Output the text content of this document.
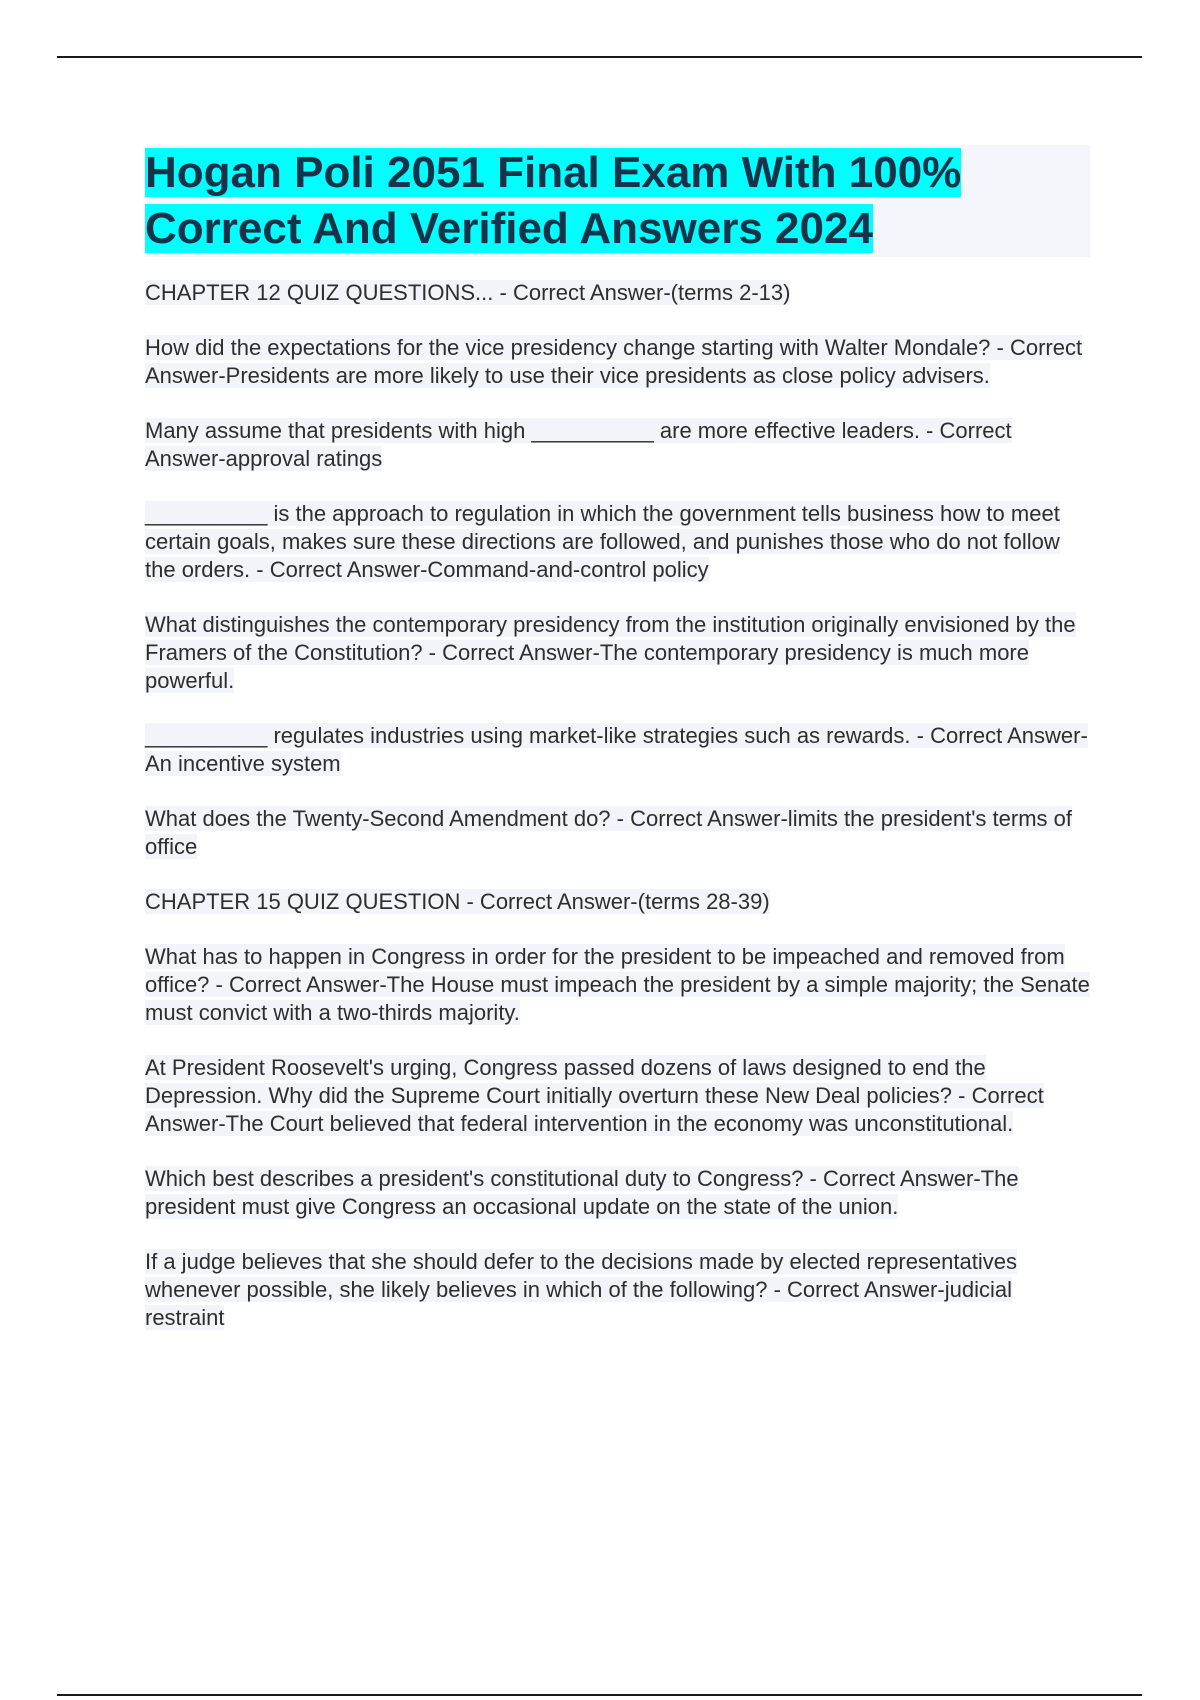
Hogan Poli 2051 Final Exam With 100% Correct And Verified Answers 2024
CHAPTER 12 QUIZ QUESTIONS... - Correct Answer-(terms 2-13)
How did the expectations for the vice presidency change starting with Walter Mondale? - Correct Answer-Presidents are more likely to use their vice presidents as close policy advisers.
Many assume that presidents with high __________ are more effective leaders. - Correct Answer-approval ratings
__________ is the approach to regulation in which the government tells business how to meet certain goals, makes sure these directions are followed, and punishes those who do not follow the orders. - Correct Answer-Command-and-control policy
What distinguishes the contemporary presidency from the institution originally envisioned by the Framers of the Constitution? - Correct Answer-The contemporary presidency is much more powerful.
__________ regulates industries using market-like strategies such as rewards. - Correct Answer-An incentive system
What does the Twenty-Second Amendment do? - Correct Answer-limits the president's terms of office
CHAPTER 15 QUIZ QUESTION - Correct Answer-(terms 28-39)
What has to happen in Congress in order for the president to be impeached and removed from office? - Correct Answer-The House must impeach the president by a simple majority; the Senate must convict with a two-thirds majority.
At President Roosevelt's urging, Congress passed dozens of laws designed to end the Depression. Why did the Supreme Court initially overturn these New Deal policies? - Correct Answer-The Court believed that federal intervention in the economy was unconstitutional.
Which best describes a president's constitutional duty to Congress? - Correct Answer-The president must give Congress an occasional update on the state of the union.
If a judge believes that she should defer to the decisions made by elected representatives whenever possible, she likely believes in which of the following? - Correct Answer-judicial restraint
